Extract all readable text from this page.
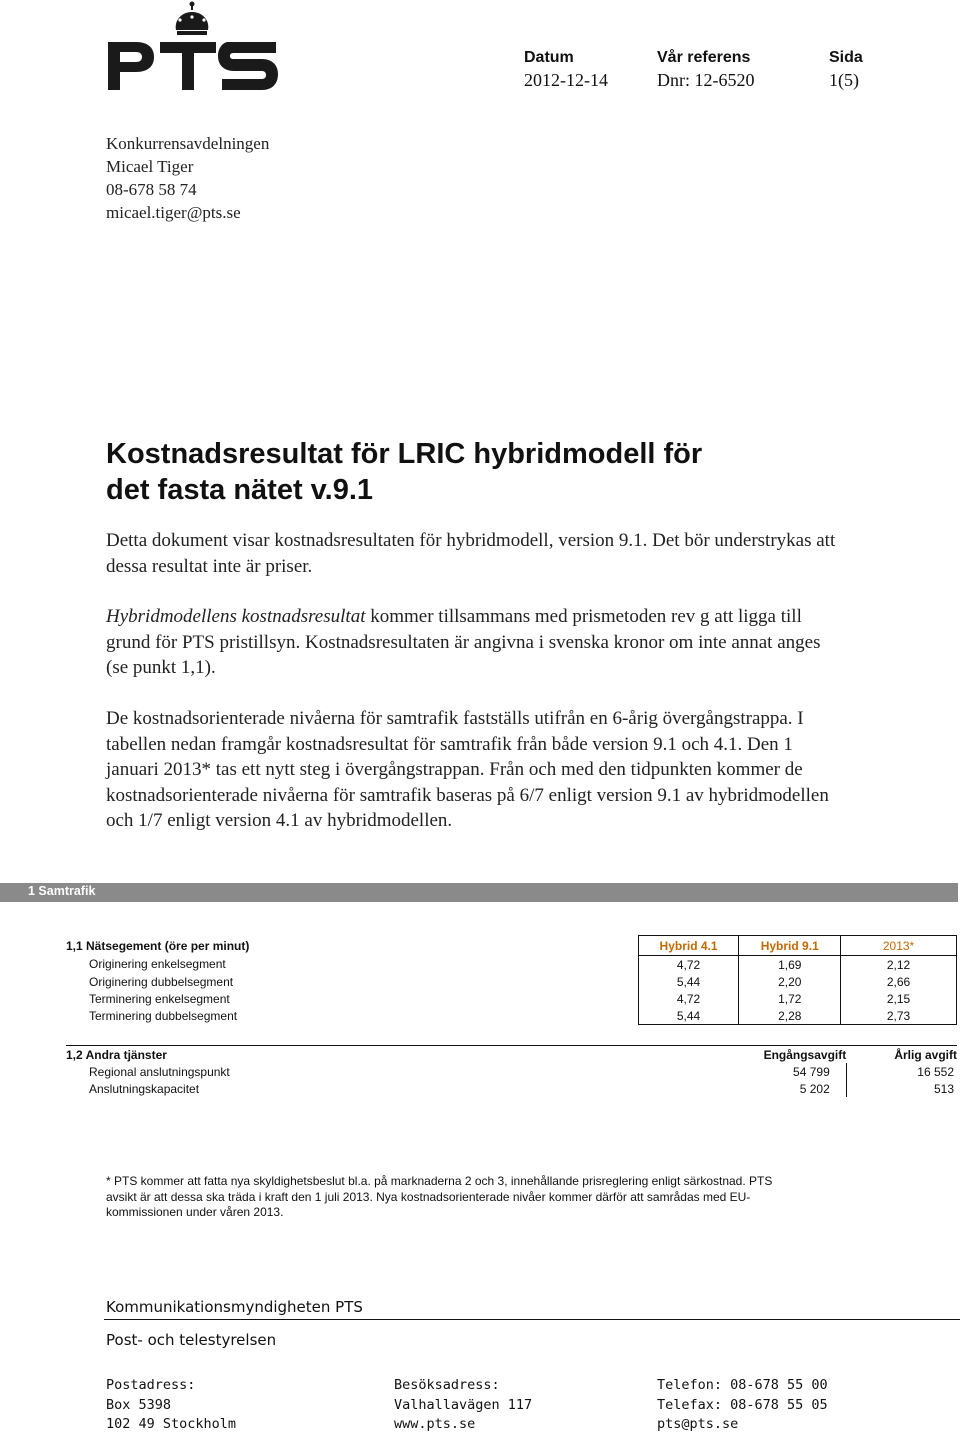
Datum
2012-12-14
Vår referens
Dnr: 12-6520
Sida
1(5)
Konkurrensavdelningen
Micael Tiger
08-678 58 74
micael.tiger@pts.se
Kostnadsresultat för LRIC hybridmodell för
det fasta nätet v.9.1

Detta dokument visar kostnadsresultaten för hybridmodell, version 9.1. Det bör understrykas att dessa resultat inte är priser.

Hybridmodellens kostnadsresultat kommer tillsammans med prismetoden rev g att ligga till grund för PTS pristillsyn. Kostnadsresultaten är angivna i svenska kronor om inte annat anges (se punkt 1,1).

De kostnadsorienterade nivåerna för samtrafik fastställs utifrån en 6-årig övergångstrappa. I tabellen nedan framgår kostnadsresultat för samtrafik från både version 9.1 och 4.1. Den 1 januari 2013* tas ett nytt steg i övergångstrappan. Från och med den tidpunkten kommer de kostnadsorienterade nivåerna för samtrafik baseras på 6/7 enligt version 9.1 av hybridmodellen och 1/7 enligt version 4.1 av hybridmodellen.

1 Samtrafik
1,1 Nätsegement (öre per minut)	Hybrid 4.1	Hybrid 9.1	2013*
Originering enkelsegment	4,72	1,69	2,12
Originering dubbelsegment	5,44	2,20	2,66
Terminering enkelsegment	4,72	1,72	2,15
Terminering dubbelsegment	5,44	2,28	2,73
1,2 Andra tjänster	Engångsavgift	Årlig avgift
Regional anslutningspunkt	54 799	16 552
Anslutningskapacitet	5 202	513
* PTS kommer att fatta nya skyldighetsbeslut bl.a. på marknaderna 2 och 3, innehållande prisreglering enligt särkostnad. PTS avsikt är att dessa ska träda i kraft den 1 juli 2013. Nya kostnadsorienterade nivåer kommer därför att samrådas med EU-kommissionen under våren 2013.
Kommunikationsmyndigheten PTS
Post- och telestyrelsen
Postadress:
Box 5398
102 49 Stockholm
Besöksadress:
Valhallavägen 117
www.pts.se
Telefon: 08-678 55 00
Telefax: 08-678 55 05
pts@pts.se
